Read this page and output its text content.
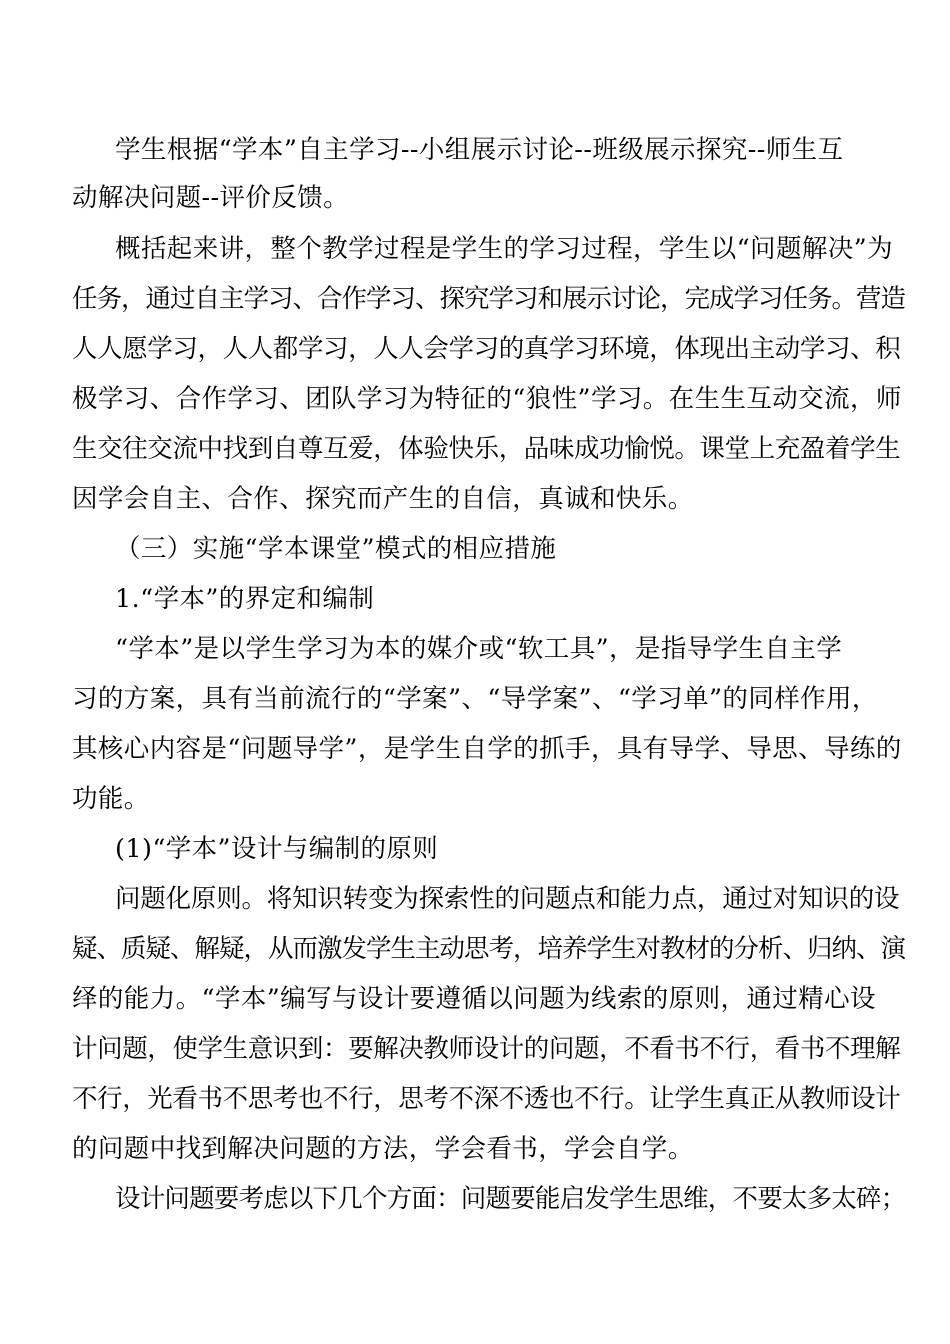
学生根据“学本”自主学习--小组展示讨论--班级展示探究--师生互
动解决问题--评价反馈。
概括起来讲，整个教学过程是学生的学习过程，学生以“问题解决”为
任务，通过自主学习、合作学习、探究学习和展示讨论，完成学习任务。营造
人人愿学习，人人都学习，人人会学习的真学习环境，体现出主动学习、积
极学习、合作学习、团队学习为特征的“狼性”学习。在生生互动交流，师
生交往交流中找到自尊互爱，体验快乐，品味成功愉悦。课堂上充盈着学生
因学会自主、合作、探究而产生的自信，真诚和快乐。
（三）实施“学本课堂”模式的相应措施
1.“学本”的界定和编制
“学本”是以学生学习为本的媒介或“软工具”，是指导学生自主学
习的方案，具有当前流行的“学案”、“导学案”、“学习单”的同样作用，
其核心内容是“问题导学”，是学生自学的抓手，具有导学、导思、导练的
功能。
(1)“学本”设计与编制的原则
问题化原则。将知识转变为探索性的问题点和能力点，通过对知识的设
疑、质疑、解疑，从而激发学生主动思考，培养学生对教材的分析、归纳、演
绎的能力。“学本”编写与设计要遵循以问题为线索的原则，通过精心设
计问题，使学生意识到：要解决教师设计的问题，不看书不行，看书不理解
不行，光看书不思考也不行，思考不深不透也不行。让学生真正从教师设计
的问题中找到解决问题的方法，学会看书，学会自学。
设计问题要考虑以下几个方面：问题要能启发学生思维，不要太多太碎；
